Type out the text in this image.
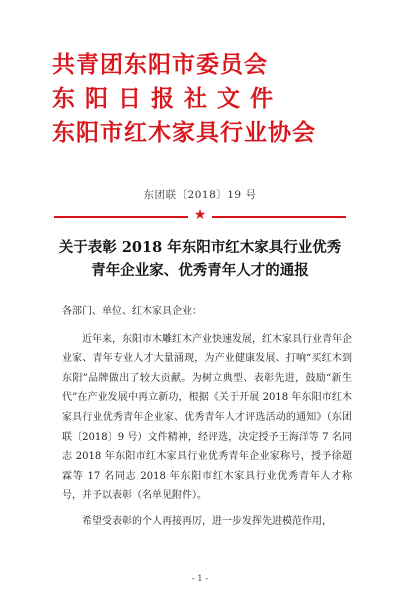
共青团东阳市委员会
东阳日报社文件
东阳市红木家具行业协会
东团联〔2018〕19 号
★
关于表彰 2018 年东阳市红木家具行业优秀
青年企业家、优秀青年人才的通报

各部门、单位、红木家具企业：

近年来，东阳市木雕红木产业快速发展，红木家具行业青年企业家、青年专业人才大量涌现，为产业健康发展、打响“买红木到东阳”品牌做出了较大贡献。为树立典型、表彰先进，鼓励“新生代”在产业发展中再立新功，根据《关于开展 2018 年东阳市红木家具行业优秀青年企业家、优秀青年人才评选活动的通知》（东团联〔2018〕9 号）文件精神，经评选，决定授予王海洋等 7 名同志 2018 年东阳市红木家具行业优秀青年企业家称号，授予徐超霖等 17 名同志 2018 年东阳市红木家具行业优秀青年人才称号，并予以表彰（名单见附件）。

希望受表彰的个人再接再厉，进一步发挥先进模范作用，

- 1 -
